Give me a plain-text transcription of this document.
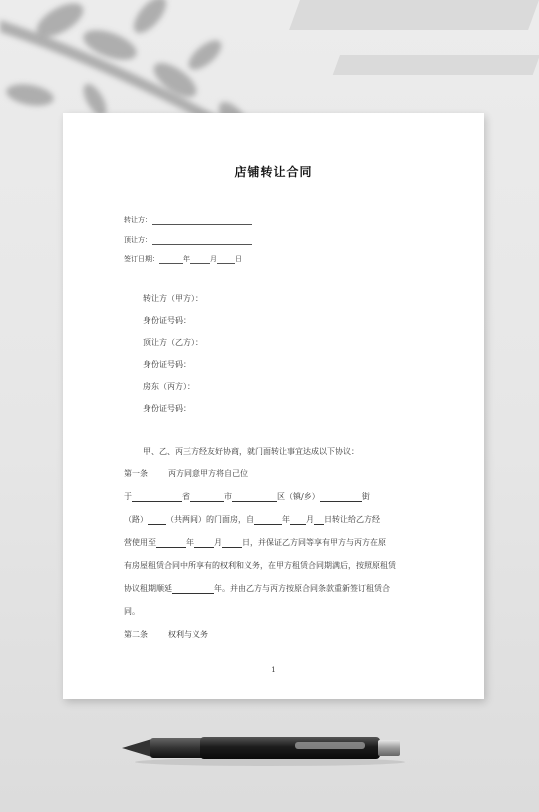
店铺转让合同
转让方：
顶让方：
签订日期：	年	月	日
转让方（甲方）：
身份证号码：
顶让方（乙方）：
身份证号码：
房东（丙方）：
身份证号码：
甲、乙、丙三方经友好协商，就门面转让事宜达成以下协议：
第一条	丙方同意甲方将自己位
于	省	市	区（镇/乡）	街
（路） （共两间）的门面房，自	年 月 日转让给乙方经
营使用至	年	月	日，并保证乙方同等享有甲方与丙方在原
有房屋租赁合同中所享有的权利和义务，在甲方租赁合同期满后，按照原租赁
协议租期顺延	年。并由乙方与丙方按原合同条款重新签订租赁合
同。
第二条	权利与义务
1
